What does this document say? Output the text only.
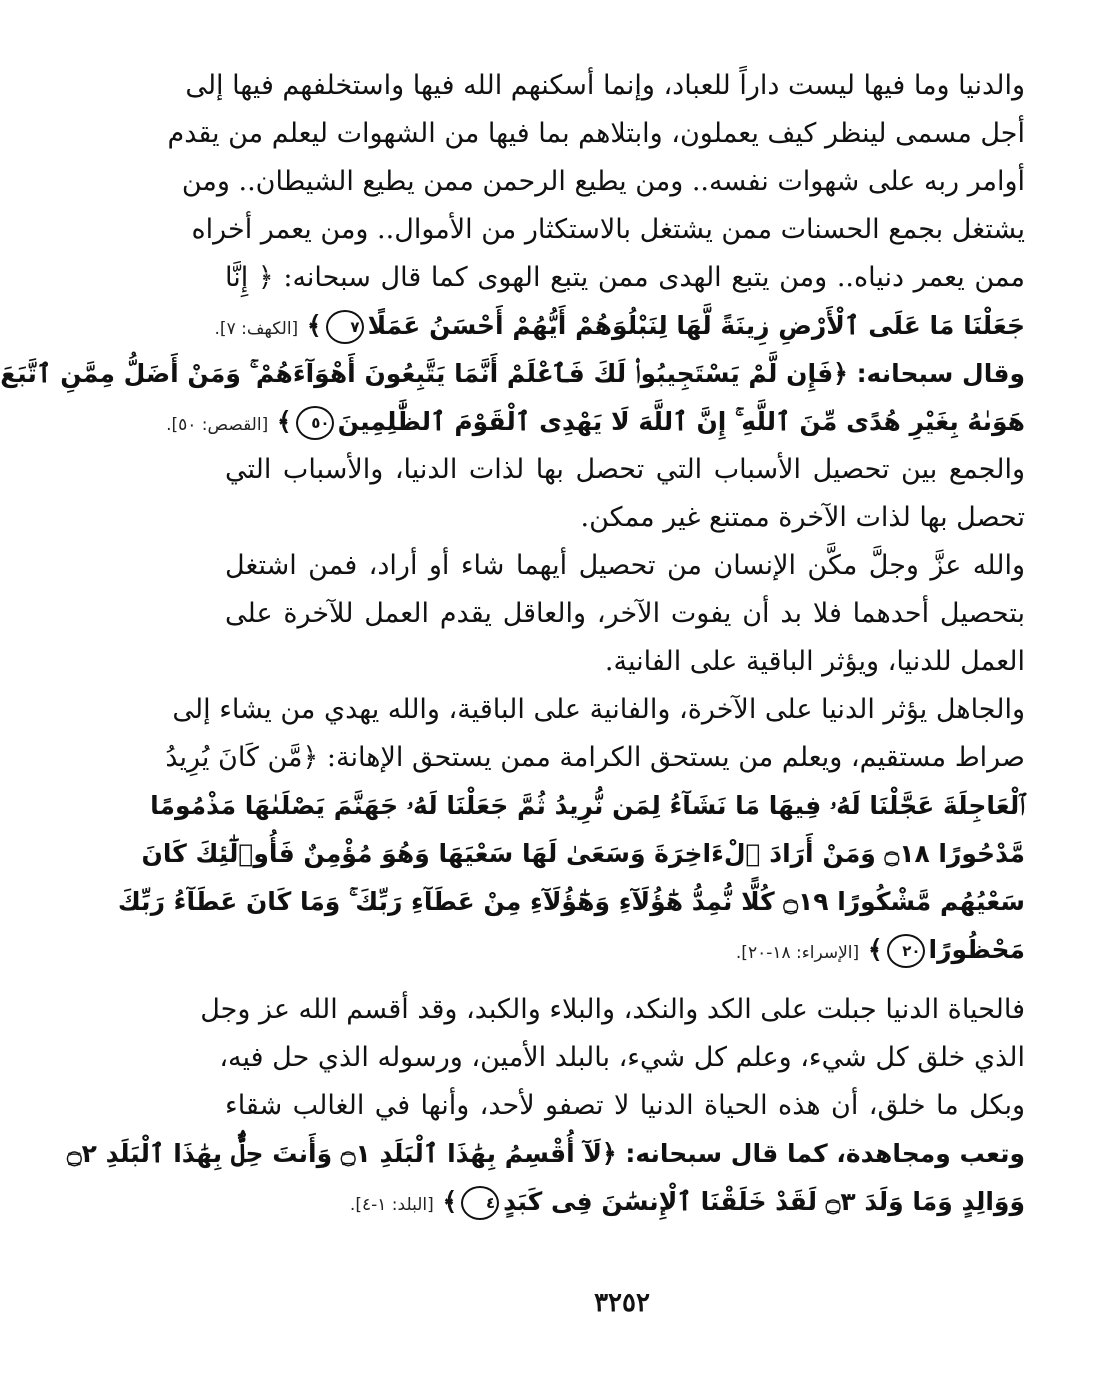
والدنيا وما فيها ليست داراً للعباد، وإنما أسكنهم الله فيها واستخلفهم فيها إلى
أجل مسمى لينظر كيف يعملون، وابتلاهم بما فيها من الشهوات ليعلم من يقدم
أوامر ربه على شهوات نفسه.. ومن يطيع الرحمن ممن يطيع الشيطان.. ومن
يشتغل بجمع الحسنات ممن يشتغل بالاستكثار من الأموال.. ومن يعمر أخراه
ممن يعمر دنياه.. ومن يتبع الهدى ممن يتبع الهوى كما قال سبحانه: ﴿ إِنَّا
جَعَلْنَا مَا عَلَى ٱلْأَرْضِ زِينَةً لَّهَا لِنَبْلُوَهُمْ أَيُّهُمْ أَحْسَنُ عَمَلًا٧﴾ [الكهف: ٧].
وقال سبحانه: ﴿فَإِن لَّمْ يَسْتَجِيبُوا۟ لَكَ فَٱعْلَمْ أَنَّمَا يَتَّبِعُونَ أَهْوَآءَهُمْ ۚ وَمَنْ أَضَلُّ مِمَّنِ ٱتَّبَعَ
هَوَىٰهُ بِغَيْرِ هُدًى مِّنَ ٱللَّهِ ۚ إِنَّ ٱللَّهَ لَا يَهْدِى ٱلْقَوْمَ ٱلظَّٰلِمِينَ٥٠﴾ [القصص: ٥٠].
والجمع بين تحصيل الأسباب التي تحصل بها لذات الدنيا، والأسباب التي
تحصل بها لذات الآخرة ممتنع غير ممكن.
والله عزَّ وجلَّ مكَّن الإنسان من تحصيل أيهما شاء أو أراد، فمن اشتغل
بتحصيل أحدهما فلا بد أن يفوت الآخر، والعاقل يقدم العمل للآخرة على
العمل للدنيا، ويؤثر الباقية على الفانية.
والجاهل يؤثر الدنيا على الآخرة، والفانية على الباقية، والله يهدي من يشاء إلى
صراط مستقيم، ويعلم من يستحق الكرامة ممن يستحق الإهانة: ﴿مَّن كَانَ يُرِيدُ
ٱلْعَاجِلَةَ عَجَّلْنَا لَهُۥ فِيهَا مَا نَشَآءُ لِمَن نُّرِيدُ ثُمَّ جَعَلْنَا لَهُۥ جَهَنَّمَ يَصْلَىٰهَا مَذْمُومًا
مَّدْحُورًا ۝١٨ وَمَنْ أَرَادَ ٱلْءَاخِرَةَ وَسَعَىٰ لَهَا سَعْيَهَا وَهُوَ مُؤْمِنٌ فَأُو۟لَٰٓئِكَ كَانَ
سَعْيُهُم مَّشْكُورًا ۝١٩ كُلًّا نُّمِدُّ هَٰٓؤُلَآءِ وَهَٰٓؤُلَآءِ مِنْ عَطَآءِ رَبِّكَ ۚ وَمَا كَانَ عَطَآءُ رَبِّكَ
مَحْظُورًا٢٠﴾ [الإسراء: ١٨-٢٠].
فالحياة الدنيا جبلت على الكد والنكد، والبلاء والكبد، وقد أقسم الله عز وجل
الذي خلق كل شيء، وعلم كل شيء، بالبلد الأمين، ورسوله الذي حل فيه،
وبكل ما خلق، أن هذه الحياة الدنيا لا تصفو لأحد، وأنها في الغالب شقاء
وتعب ومجاهدة، كما قال سبحانه: ﴿لَآ أُقْسِمُ بِهَٰذَا ٱلْبَلَدِ ۝١ وَأَنتَ حِلٌّۢ بِهَٰذَا ٱلْبَلَدِ ۝٢
وَوَالِدٍ وَمَا وَلَدَ ۝٣ لَقَدْ خَلَقْنَا ٱلْإِنسَٰنَ فِى كَبَدٍ٤﴾ [البلد: ١-٤].
٣٢٥٢
